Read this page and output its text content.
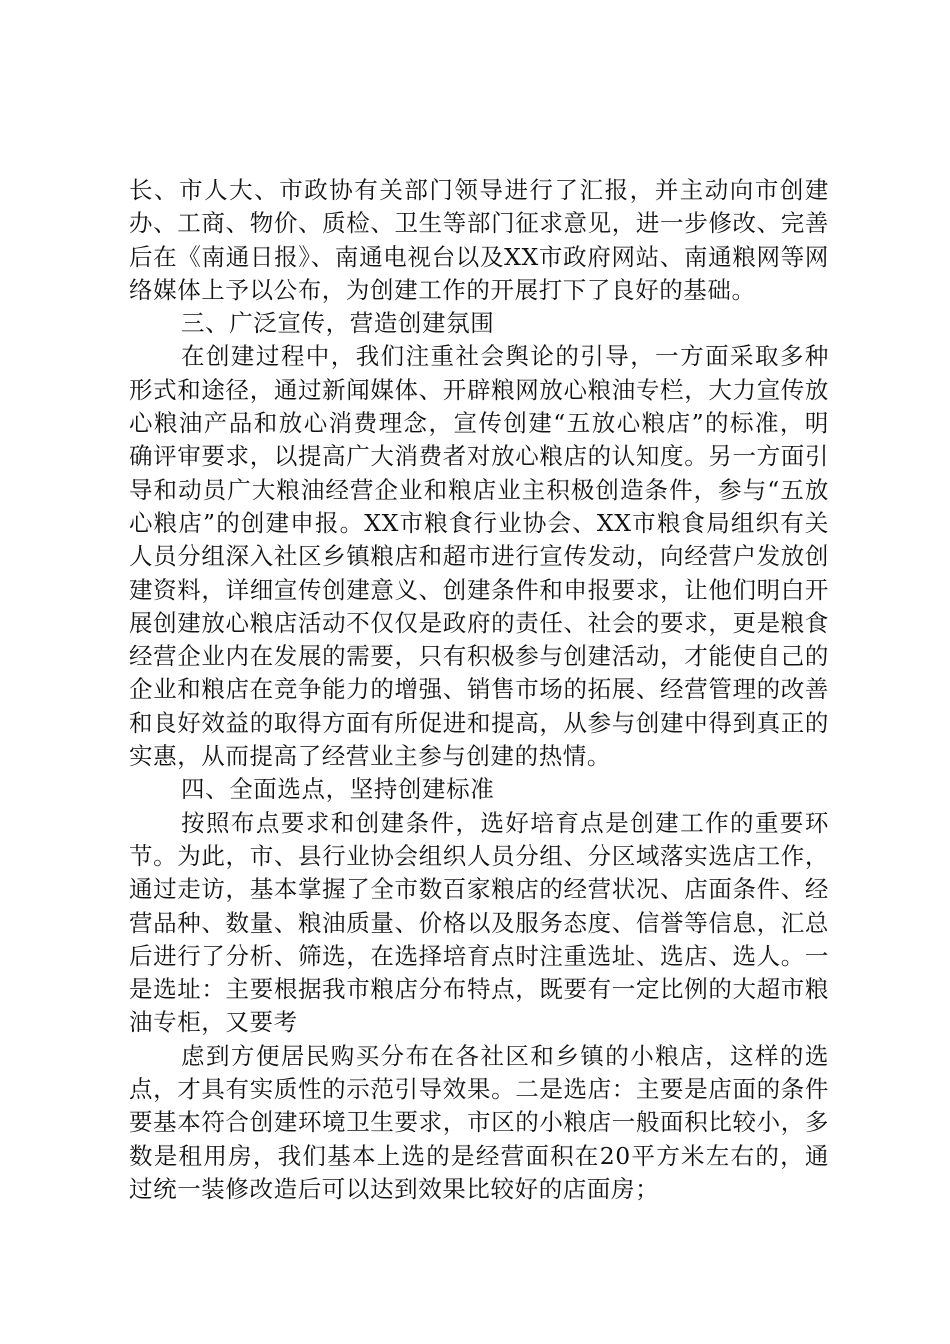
长、市人大、市政协有关部门领导进行了汇报，并主动向市创建办、工商、物价、质检、卫生等部门征求意见，进一步修改、完善后在《南通日报》、南通电视台以及XX市政府网站、南通粮网等网络媒体上予以公布，为创建工作的开展打下了良好的基础。

三、广泛宣传，营造创建氛围

在创建过程中，我们注重社会舆论的引导，一方面采取多种形式和途径，通过新闻媒体、开辟粮网放心粮油专栏，大力宣传放心粮油产品和放心消费理念，宣传创建“五放心粮店”的标准，明确评审要求，以提高广大消费者对放心粮店的认知度。另一方面引导和动员广大粮油经营企业和粮店业主积极创造条件，参与“五放心粮店”的创建申报。XX市粮食行业协会、XX市粮食局组织有关人员分组深入社区乡镇粮店和超市进行宣传发动，向经营户发放创建资料，详细宣传创建意义、创建条件和申报要求，让他们明白开展创建放心粮店活动不仅仅是政府的责任、社会的要求，更是粮食经营企业内在发展的需要，只有积极参与创建活动，才能使自己的企业和粮店在竞争能力的增强、销售市场的拓展、经营管理的改善和良好效益的取得方面有所促进和提高，从参与创建中得到真正的实惠，从而提高了经营业主参与创建的热情。

四、全面选点，坚持创建标准

按照布点要求和创建条件，选好培育点是创建工作的重要环节。为此，市、县行业协会组织人员分组、分区域落实选店工作，通过走访，基本掌握了全市数百家粮店的经营状况、店面条件、经营品种、数量、粮油质量、价格以及服务态度、信誉等信息，汇总后进行了分析、筛选，在选择培育点时注重选址、选店、选人。一是选址：主要根据我市粮店分布特点，既要有一定比例的大超市粮油专柜，又要考

虑到方便居民购买分布在各社区和乡镇的小粮店，这样的选点，才具有实质性的示范引导效果。二是选店：主要是店面的条件要基本符合创建环境卫生要求，市区的小粮店一般面积比较小，多数是租用房，我们基本上选的是经营面积在20平方米左右的，通过统一装修改造后可以达到效果比较好的店面房；
